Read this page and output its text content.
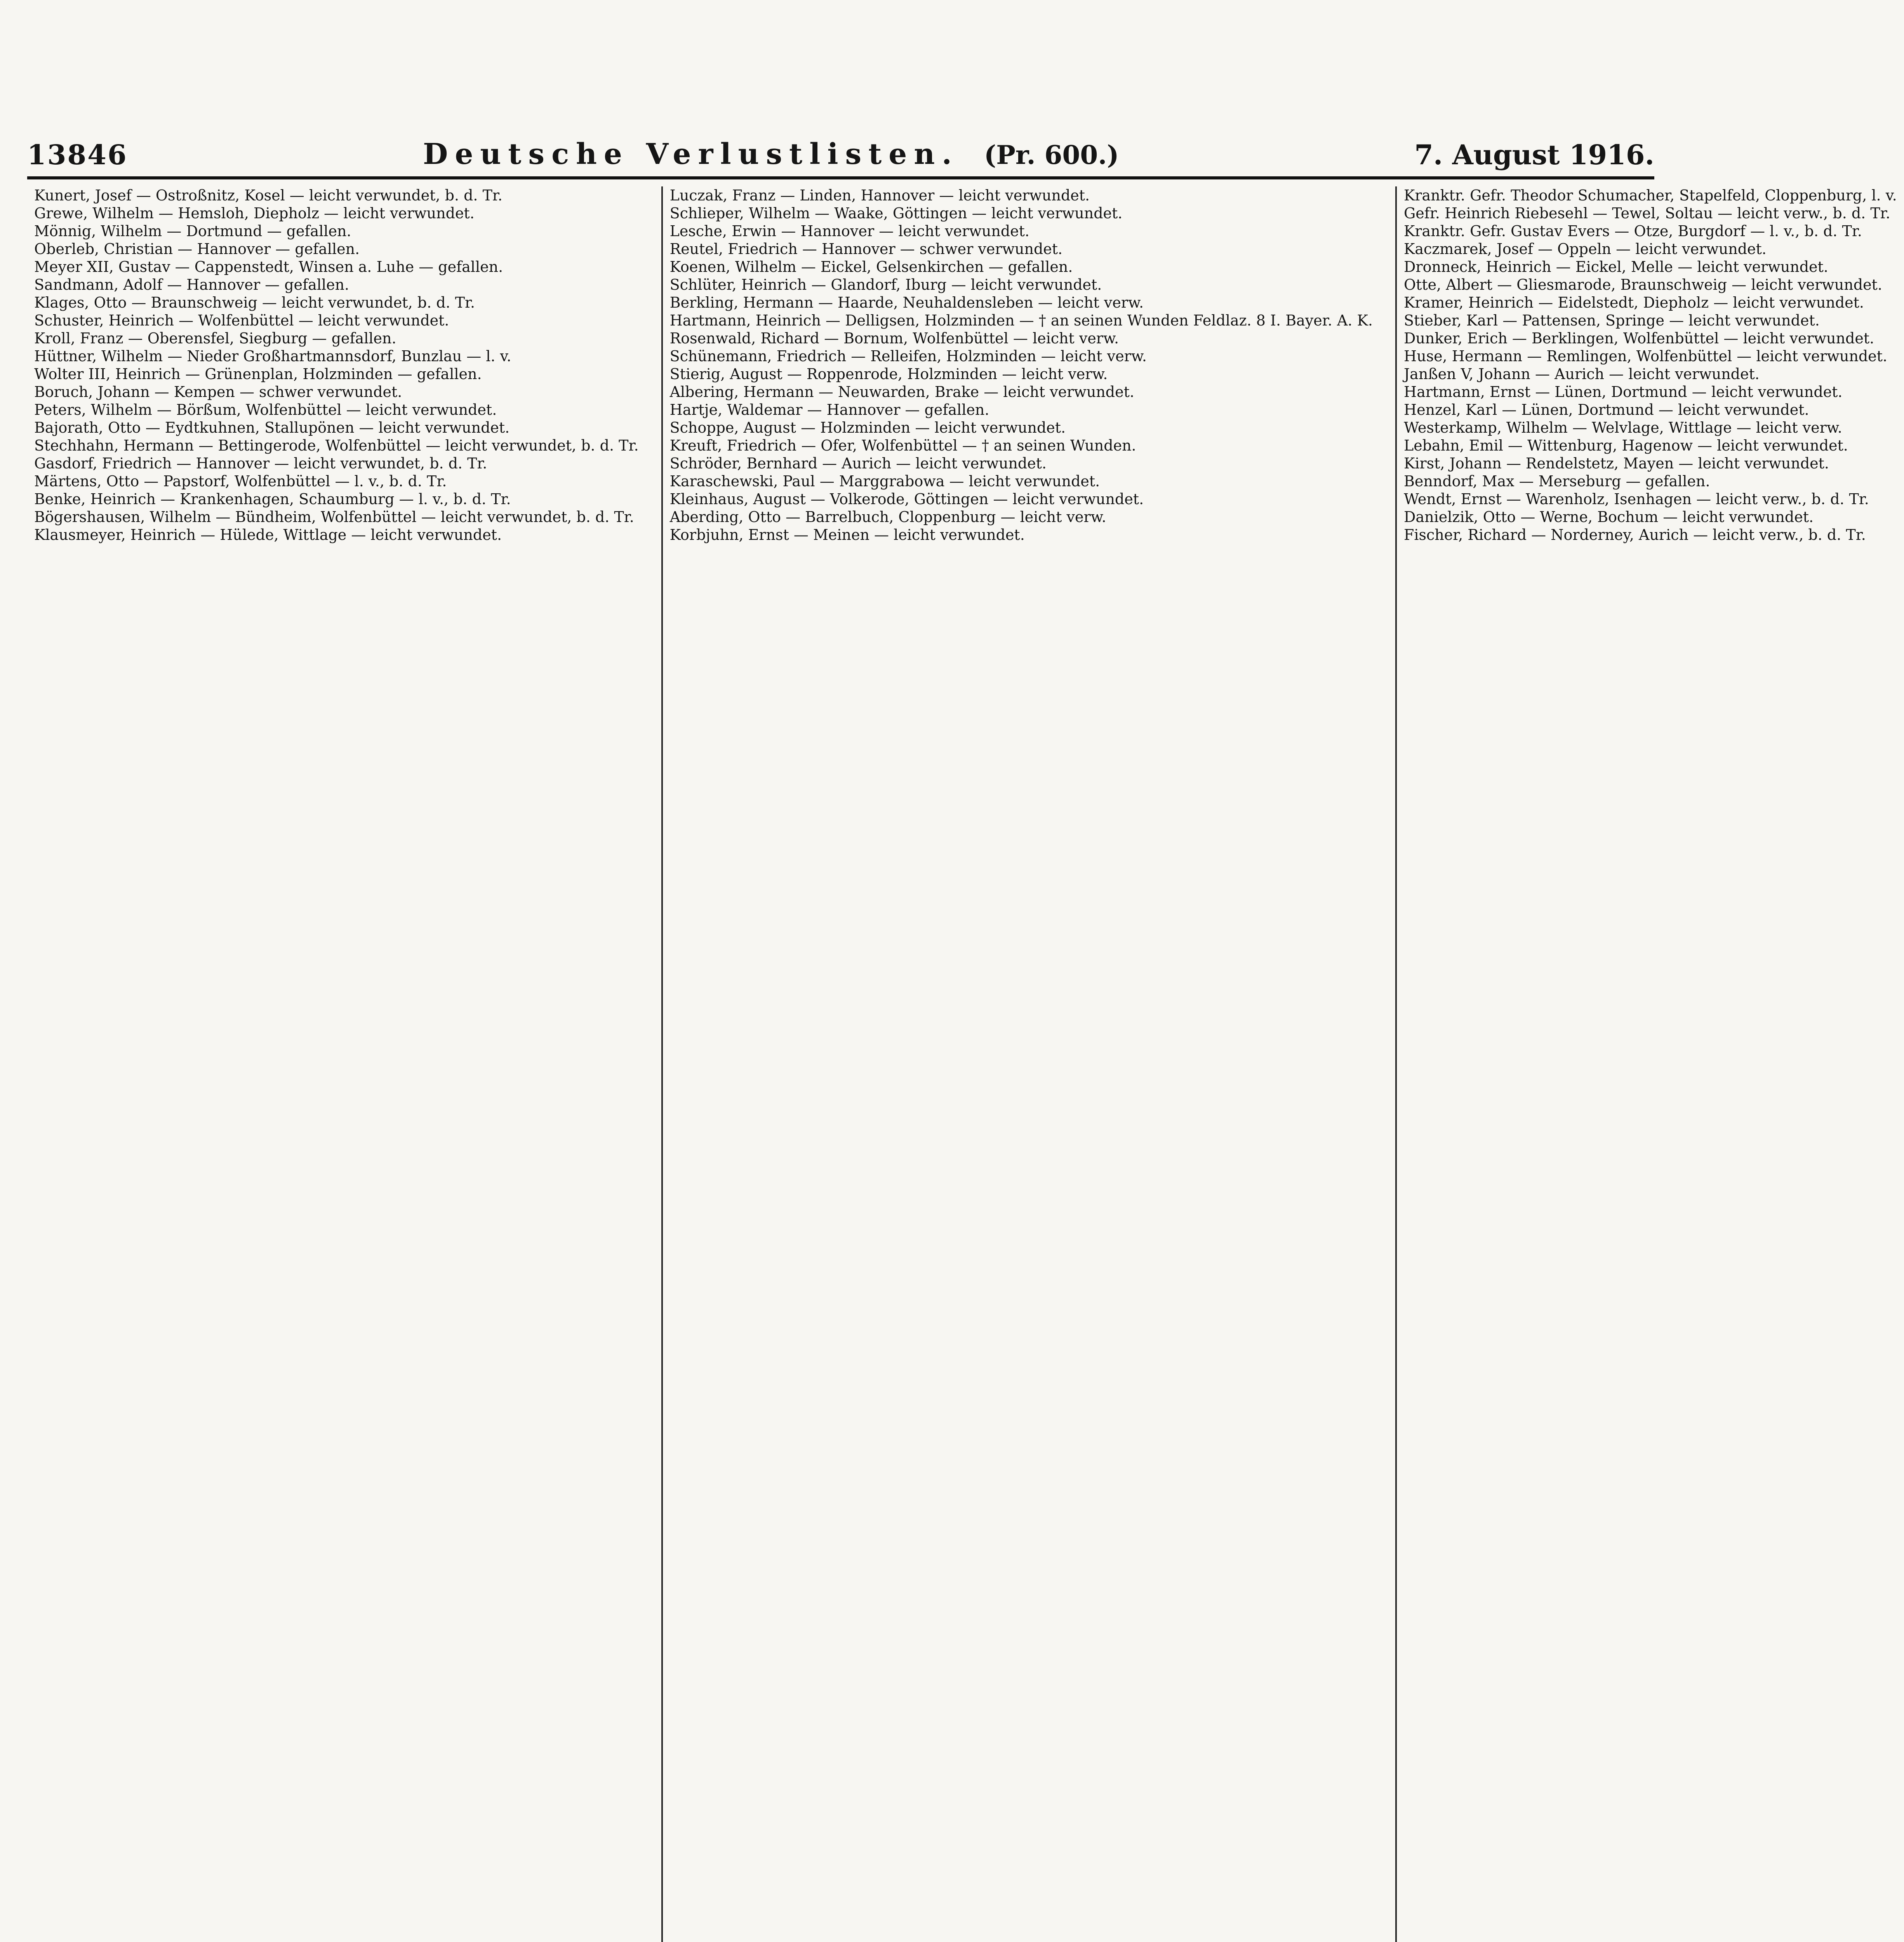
13846	Deutsche Verlustlisten. (Pr. 600.)	7. August 1916.
Kunert, Josef — Ostroßnitz, Kosel — leicht verwundet, b. d. Tr.
Grewe, Wilhelm — Hemsloh, Diepholz — leicht verwundet.
Mönnig, Wilhelm — Dortmund — gefallen.
Oberleb, Christian — Hannover — gefallen.
Meyer XII, Gustav — Cappenstedt, Winsen a. Luhe — gefallen.
Sandmann, Adolf — Hannover — gefallen.
Klages, Otto — Braunschweig — leicht verwundet, b. d. Tr.
Schuster, Heinrich — Wolfenbüttel — leicht verwundet.
Kroll, Franz — Oberensfel, Siegburg — gefallen.
Hüttner, Wilhelm — Nieder Großhartmannsdorf, Bunzlau — l. v.
Wolter III, Heinrich — Grünenplan, Holzminden — gefallen.
Boruch, Johann — Kempen — schwer verwundet.
Peters, Wilhelm — Börßum, Wolfenbüttel — leicht verwundet.
Bajorath, Otto — Eydtkuhnen, Stallupönen — leicht verwundet.
Stechhahn, Hermann — Bettingerode, Wolfenbüttel — leicht verwundet, b. d. Tr.
Gasdorf, Friedrich — Hannover — leicht verwundet, b. d. Tr.
Märtens, Otto — Papstorf, Wolfenbüttel — l. v., b. d. Tr.
Benke, Heinrich — Krankenhagen, Schaumburg — l. v., b. d. Tr.
Bögershausen, Wilhelm — Bündheim, Wolfenbüttel — leicht verwundet, b. d. Tr.
Klausmeyer, Heinrich — Hülede, Wittlage — leicht verwundet.
Luczak, Franz — Linden, Hannover — leicht verwundet.
Schlieper, Wilhelm — Waake, Göttingen — leicht verwundet.
Lesche, Erwin — Hannover — leicht verwundet.
Reutel, Friedrich — Hannover — schwer verwundet.
Koenen, Wilhelm — Eickel, Gelsenkirchen — gefallen.
Schlüter, Heinrich — Glandorf, Iburg — leicht verwundet.
Berkling, Hermann — Haarde, Neuhaldensleben — leicht verw.
Hartmann, Heinrich — Delligsen, Holzminden — † an seinen Wunden Feldlaz. 8 I. Bayer. A. K.
Rosenwald, Richard — Bornum, Wolfenbüttel — leicht verw.
Schünemann, Friedrich — Relleifen, Holzminden — leicht verw.
Stierig, August — Roppenrode, Holzminden — leicht verw.
Albering, Hermann — Neuwarden, Brake — leicht verwundet.
Hartje, Waldemar — Hannover — gefallen.
Schoppe, August — Holzminden — leicht verwundet.
Kreuft, Friedrich — Ofer, Wolfenbüttel — † an seinen Wunden.
Schröder, Bernhard — Aurich — leicht verwundet.
Karaschewski, Paul — Marggrabowa — leicht verwundet.
Kleinhaus, August — Volkerode, Göttingen — leicht verwundet.
Aberding, Otto — Barrelbuch, Cloppenburg — leicht verw.
Korbjuhn, Ernst — Meinen — leicht verwundet.
Kranktr. Gefr. Theodor Schumacher, Stapelfeld, Cloppenburg, l. v.
Gefr. Heinrich Riebesehl — Tewel, Soltau — leicht verw., b. d. Tr.
Kranktr. Gefr. Gustav Evers — Otze, Burgdorf — l. v., b. d. Tr.
Kaczmarek, Josef — Oppeln — leicht verwundet.
Dronneck, Heinrich — Eickel, Melle — leicht verwundet.
Otte, Albert — Gliesmarode, Braunschweig — leicht verwundet.
Kramer, Heinrich — Eidelstedt, Diepholz — leicht verwundet.
Stieber, Karl — Pattensen, Springe — leicht verwundet.
Dunker, Erich — Berklingen, Wolfenbüttel — leicht verwundet.
Huse, Hermann — Remlingen, Wolfenbüttel — leicht verwundet.
Janßen V, Johann — Aurich — leicht verwundet.
Hartmann, Ernst — Lünen, Dortmund — leicht verwundet.
Henzel, Karl — Lünen, Dortmund — leicht verwundet.
Westerkamp, Wilhelm — Welvlage, Wittlage — leicht verw.
Lebahn, Emil — Wittenburg, Hagenow — leicht verwundet.
Kirst, Johann — Rendelstetz, Mayen — leicht verwundet.
Benndorf, Max — Merseburg — gefallen.
Wendt, Ernst — Warenholz, Isenhagen — leicht verw., b. d. Tr.
Danielzik, Otto — Werne, Bochum — leicht verwundet.
Fischer, Richard — Norderney, Aurich — leicht verw., b. d. Tr.
